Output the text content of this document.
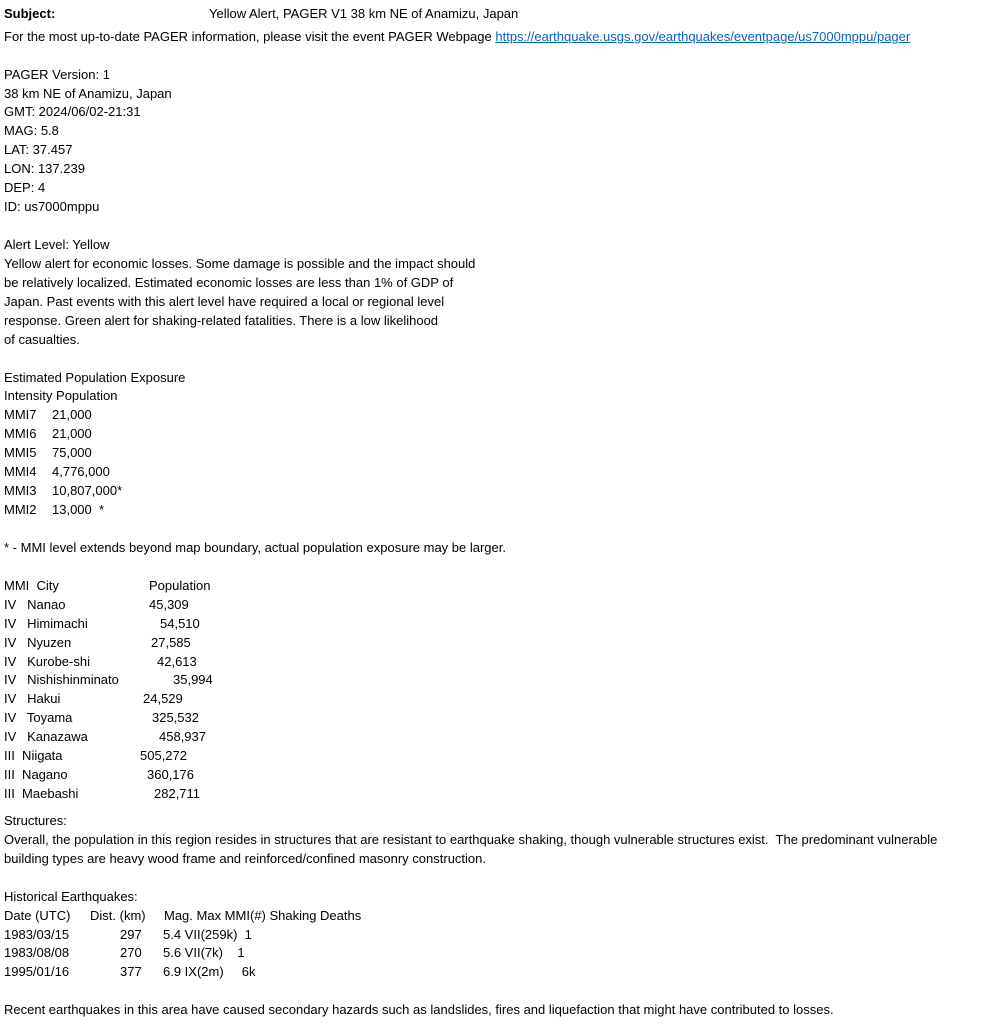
Subject:	Yellow Alert, PAGER V1 38 km NE of Anamizu, Japan
For the most up-to-date PAGER information, please visit the event PAGER Webpage https://earthquake.usgs.gov/earthquakes/eventpage/us7000mppu/pager
PAGER Version: 1
38 km NE of Anamizu, Japan
GMT: 2024/06/02-21:31
MAG: 5.8
LAT: 37.457
LON: 137.239
DEP: 4
ID: us7000mppu
Alert Level: Yellow
Yellow alert for economic losses. Some damage is possible and the impact should
be relatively localized. Estimated economic losses are less than 1% of GDP of
Japan. Past events with this alert level have required a local or regional level
response. Green alert for shaking-related fatalities. There is a low likelihood
of casualties.
Estimated Population Exposure
Intensity Population
MMI7 21,000
MMI6 21,000
MMI5 75,000
MMI4 4,776,000
MMI3 10,807,000*
MMI2 13,000  *
* - MMI level extends beyond map boundary, actual population exposure may be larger.
MMI  City	Population
IV   Nanao	45,309
IV   Himimachi	54,510
IV   Nyuzen	27,585
IV   Kurobe-shi	42,613
IV   Nishishinminato	35,994
IV   Hakui	24,529
IV   Toyama	325,532
IV   Kanazawa	458,937
III  Niigata	505,272
III  Nagano	360,176
III  Maebashi	282,711
Structures:
Overall, the population in this region resides in structures that are resistant to earthquake shaking, though vulnerable structures exist.  The predominant vulnerable
building types are heavy wood frame and reinforced/confined masonry construction.
Historical Earthquakes:
Date (UTC) Dist. (km) Mag. Max MMI(#) Shaking Deaths
1983/03/15	297 5.4 VII(259k)  1
1983/08/08	270 5.6 VII(7k)    1
1995/01/16	377 6.9 IX(2m)     6k
Recent earthquakes in this area have caused secondary hazards such as landslides, fires and liquefaction that might have contributed to losses.
